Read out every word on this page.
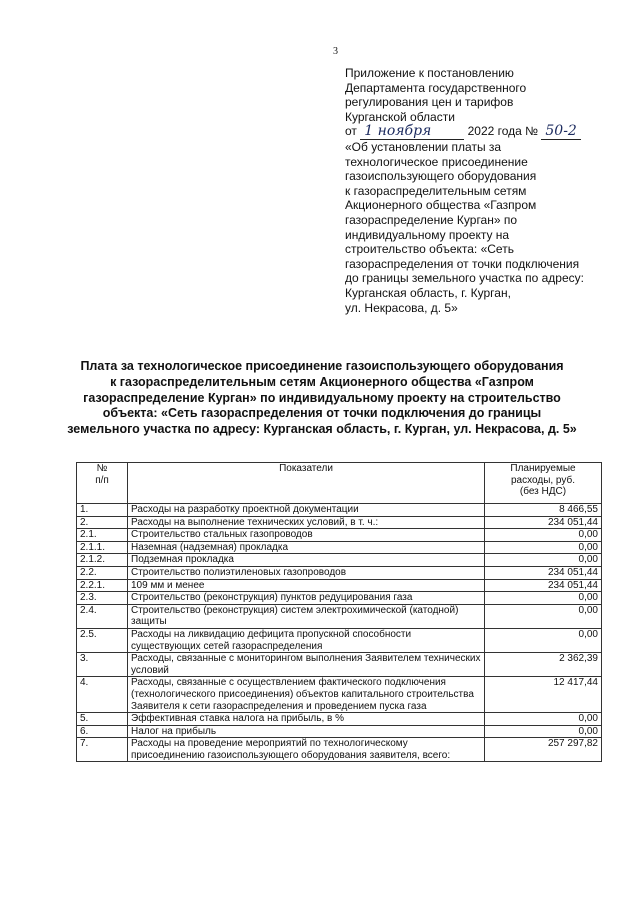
3
Приложение к постановлению
Департамента государственного
регулирования цен и тарифов
Курганской области
от 1 ноября	2022 года № 50-2
«Об установлении платы за
технологическое присоединение
газоиспользующего оборудования
к газораспределительным сетям
Акционерного общества «Газпром
газораспределение Курган» по
индивидуальному проекту на
строительство объекта: «Сеть
газораспределения от точки подключения
до границы земельного участка по адресу:
Курганская область, г. Курган,
ул. Некрасова, д. 5»
Плата за технологическое присоединение газоиспользующего оборудования
к газораспределительным сетям Акционерного общества «Газпром
газораспределение Курган» по индивидуальному проекту на строительство
объекта: «Сеть газораспределения от точки подключения до границы
земельного участка по адресу: Курганская область, г. Курган, ул. Некрасова, д. 5»
№
п/п	Показатели	Планируемые
расходы, руб.
(без НДС)
1.	Расходы на разработку проектной документации	8 466,55
2.	Расходы на выполнение технических условий, в т. ч.:	234 051,44
2.1.	Строительство стальных газопроводов	0,00
2.1.1.	Наземная (надземная) прокладка	0,00
2.1.2.	Подземная прокладка	0,00
2.2.	Строительство полиэтиленовых газопроводов	234 051,44
2.2.1.	109 мм и менее	234 051,44
2.3.	Строительство (реконструкция) пунктов редуцирования газа	0,00
2.4.	Строительство (реконструкция) систем электрохимической (катодной) защиты	0,00
2.5.	Расходы на ликвидацию дефицита пропускной способности существующих сетей газораспределения	0,00
3.	Расходы, связанные с мониторингом выполнения Заявителем технических условий	2 362,39
4.	Расходы, связанные с осуществлением фактического подключения (технологического присоединения) объектов капитального строительства Заявителя к сети газораспределения и проведением пуска газа	12 417,44
5.	Эффективная ставка налога на прибыль, в %	0,00
6.	Налог на прибыль	0,00
7.	Расходы на проведение мероприятий по технологическому присоединению газоиспользующего оборудования заявителя, всего:	257 297,82
